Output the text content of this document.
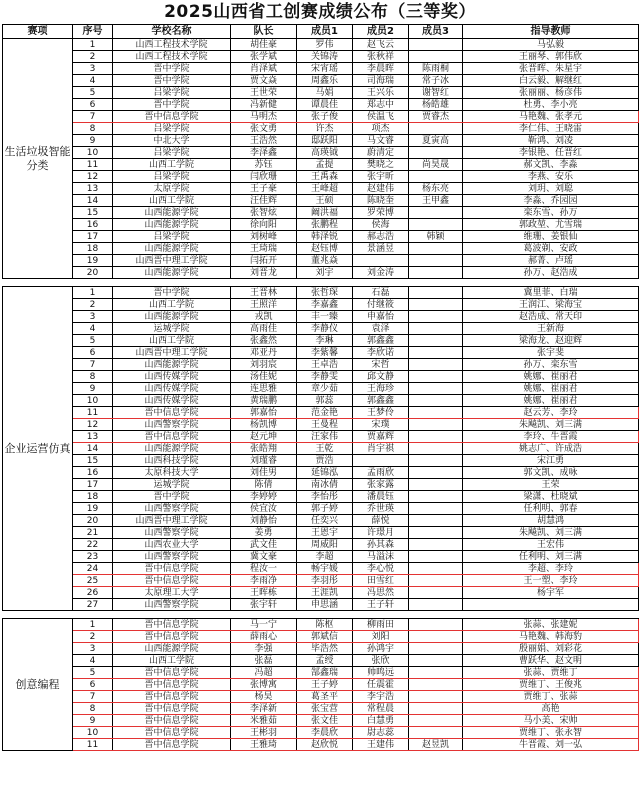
2025山西省工创赛成绩公布（三等奖）
赛项	序号	学校名称	队长	成员1	成员2	成员3	指导教师
生活垃圾智能分类	1	山西工程技术学院	胡佳豪	罗伟	赵飞云		马弘毅
	2	山西工程技术学院	张学斌	关锦涛	张秋祥		王丽琴、郭伟欣
	3	晋中学院	肖泽斌	宋宵瑶	李晨晖	陈雨桐	张晋晖、朱星宇
	4	晋中学院	贾文焱	周鑫乐	司海瑞	常子冰	白云毅、解继红
	5	吕梁学院	王世荣	马娟	王兴乐	谢智红	张丽丽、杨彦伟
	6	晋中学院	冯新健	谭晨佳	郑志中	杨皓雄	杜勇、李小亮
	7	晋中信息学院	马明杰	张子俊	侯温飞	贾睿杰	马艳魏、张孝元
	8	吕梁学院	张文勇	许杰	项杰		李仁伟、王晓雷
	9	中北大学	王浩然	邸跃阳	马文睿	夏寅高	靳鸿、刘凌
	10	吕梁学院	李泽鑫	高瑛钺	蔚清定		李银艳、任晋红
	11	山西工学院	苏钰	孟提	樊晓之	尚昊晟	郝文凯、李淼
	12	吕梁学院	闫欣珊	王禹森	张宇昕		李燕、安乐
	13	太原学院	王子豪	王峰超	赵建伟	杨东亮	刘玥、刘聪
	14	山西工学院	汪佳辉	王硕	陈晓奎	王甲鑫	李淼、乔园园
	15	山西能源学院	张智炫	阚洪福	罗荣博		栾东雪、孙万
	16	山西能源学院	徐向阳	张鹏程	侯海		郭政堃、尤雪瑞
	17	吕梁学院	刘树峰	韩泽锐	郝志浩	韩颖	维珊、姜银仙
	18	山西能源学院	王琦瑞	赵钰博	景涵昱		葛波剃、安政
	19	山西晋中理工学院	闫拓开	董兆焱			郝菁、卢瑶
	20	山西能源学院	刘晋龙	刘宇	刘金涛		孙万、赵浩成

企业运营仿真	1	晋中学院	王晋林	张哲琛	石磊		冀里菲、白瑞
	2	山西工学院	王照洋	李嘉鑫	付继筱		王润江、梁海宝
	3	山西能源学院	戎凯	丰一臻	申嘉怡		赵浩成、常天印
	4	运城学院	高雨佳	李静仪	袁泽		王新海
	5	山西工学院	张鑫然	李琳	郭鑫鑫		梁海龙、赵迎辉
	6	山西晋中理工学院	邓亚丹	李紫馨	李欣诺		张宇斐
	7	山西能源学院	刘羽宸	王卓浩	宋哲		孙万、栾东雪
	8	山西传媒学院	汤佳妮	李静雯	邱文静		姚娜、崔丽君
	9	山西传媒学院	连思雅	章少茹	王海珍		姚娜、崔丽君
	10	山西传媒学院	黄瑞鹏	郭蕊	郭鑫鑫		姚娜、崔丽君
	11	晋中信息学院	郭嘉怡	范金艳	王梦伶		赵云芳、李玲
	12	山西警察学院	杨凯博	王曼程	宋璞		朱飚凯、刘三满
	13	晋中信息学院	赵元坤	汪家伟	贾嘉辉		李玲、牛晋霞
	14	山西能源学院	张皓翔	王乾	肖宇祺		姚志广、许成浩
	15	山西科技学院	刘瑾睿	贾浩			宋江勇
	16	太原科技大学	刘佳男	延锦泓	孟雨欣		郭文凯、成咏
	17	运城学院	陈倩	南冰倩	张家露		王荣
	18	晋中学院	李婷婷	李怡彤	潘晨钰		梁潇、杜晓斌
	19	山西警察学院	侯宜汝	郭子婷	乔世瑛		任利明、郭春
	20	山西晋中理工学院	刘静怡	任奕兴	薛悦		胡慧鸿
	21	山西警察学院	姜勇	王恩宇	许璟月		朱飚凯、刘三满
	22	山西农业大学	武文佳	周威阳	孙其森		王宏伟
	23	山西警察学院	冀文豪	李超	马溢沫		任利明、刘三满
	24	晋中信息学院	程汝一	畅宇媛	李心悦		李超、李玲
	25	晋中信息学院	李雨净	李羽彤	田雪红		王一塑、李玲
	26	太原理工大学	王晖栋	王涯凯	冯思然		杨宇军
	27	山西警察学院	张宇轩	申思涵	王子轩		

创意编程	1	晋中信息学院	马一宁	陈枢	柳雨田		张蒜、张建妮
	2	晋中信息学院	薛雨心	郭斌信	刘阳		马艳魏、韩海豹
	3	山西能源学院	李强	毕浩然	孙鸿宇		殷丽娟、刘彩花
	4	山西工学院	张磊	孟绶	张欣		曹跃华、赵文明
	5	晋中信息学院	冯超	郜鑫瑞	帅鸣远		张蒜、贾维丁
	6	晋中信息学院	张博寓	王子婷	任震霍		贾维丁、王俊兆
	7	晋中信息学院	杨昊	葛圣平	李宇浩		贾维丁、张蒜
	8	晋中信息学院	李泽新	张宝营	常程晨		高艳
	9	晋中信息学院	米雅茹	张文佳	白慧勇		马小美、宋帅
	10	晋中信息学院	王彬羽	李晨欣	尉志蕊		贾维丁、张永智
	11	晋中信息学院	王雅琦	赵欣悦	王建伟	赵昱凯	牛晋霞、刘一弘
